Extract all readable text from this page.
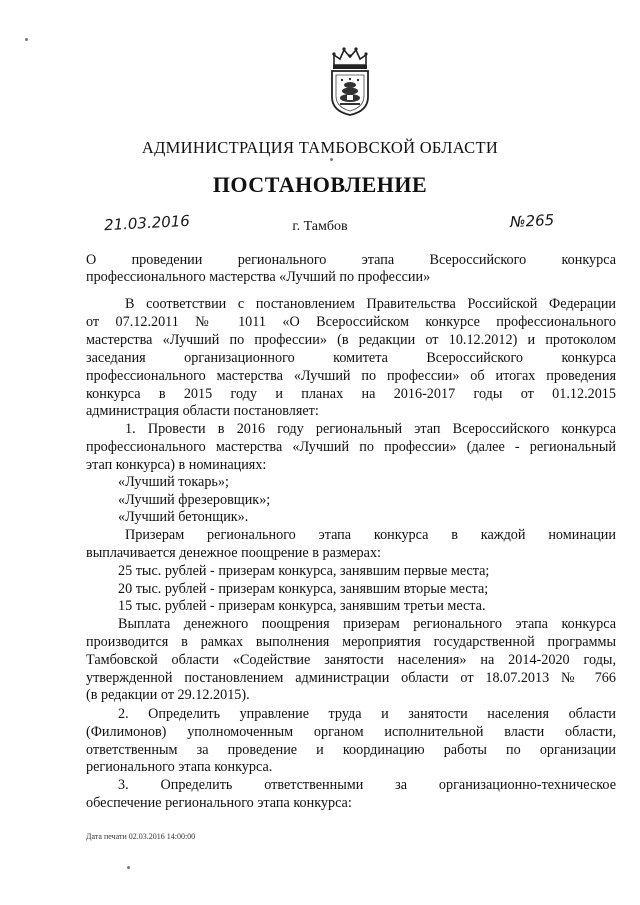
АДМИНИСТРАЦИЯ ТАМБОВСКОЙ ОБЛАСТИ
ПОСТАНОВЛЕНИЕ
21.03.2016	г. Тамбов	№265
О проведении регионального этапа Всероссийского конкурса
профессионального мастерства «Лучший по профессии»
В соответствии с постановлением Правительства Российской Федерации
от 07.12.2011 № 1011 «О Всероссийском конкурсе профессионального
мастерства «Лучший по профессии» (в редакции от 10.12.2012) и протоколом
заседания организационного комитета Всероссийского конкурса
профессионального мастерства «Лучший по профессии» об итогах проведения
конкурса в 2015 году и планах на 2016-2017 годы от 01.12.2015
администрация области постановляет:
1. Провести в 2016 году региональный этап Всероссийского конкурса
профессионального мастерства «Лучший по профессии» (далее - региональный
этап конкурса) в номинациях:
«Лучший токарь»;
«Лучший фрезеровщик»;
«Лучший бетонщик».
Призерам регионального этапа конкурса в каждой номинации
выплачивается денежное поощрение в размерах:
25 тыс. рублей - призерам конкурса, занявшим первые места;
20 тыс. рублей - призерам конкурса, занявшим вторые места;
15 тыс. рублей - призерам конкурса, занявшим третьи места.
Выплата денежного поощрения призерам регионального этапа конкурса
производится в рамках выполнения мероприятия государственной программы
Тамбовской области «Содействие занятости населения» на 2014-2020 годы,
утвержденной постановлением администрации области от 18.07.2013 № 766
(в редакции от 29.12.2015).
2. Определить управление труда и занятости населения области
(Филимонов) уполномоченным органом исполнительной власти области,
ответственным за проведение и координацию работы по организации
регионального этапа конкурса.
3. Определить ответственными за организационно-техническое
обеспечение регионального этапа конкурса:
Дата печати 02.03.2016 14:00:00
